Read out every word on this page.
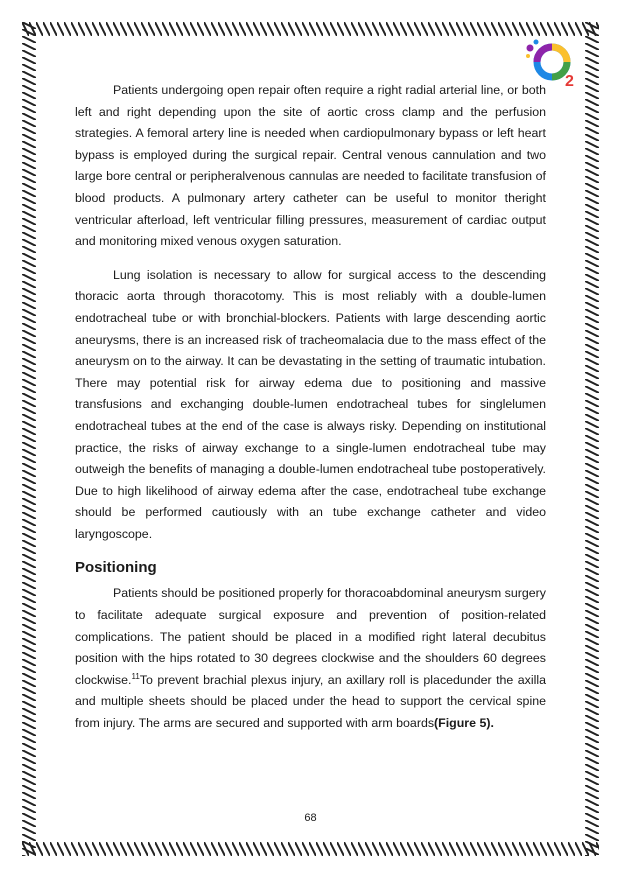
2

Patients undergoing open repair often require a right radial arterial line, or both left and right depending upon the site of aortic cross clamp and the perfusion strategies. A femoral artery line is needed when cardiopulmonary bypass or left heart bypass is employed during the surgical repair. Central venous cannulation and two large bore central or peripheralvenous cannulas are needed to facilitate transfusion of blood products. A pulmonary artery catheter can be useful to monitor theright ventricular afterload, left ventricular filling pressures, measurement of cardiac output and monitoring mixed venous oxygen saturation.

Lung isolation is necessary to allow for surgical access to the descending thoracic aorta through thoracotomy. This is most reliably with a double-lumen endotracheal tube or with bronchial-blockers. Patients with large descending aortic aneurysms, there is an increased risk of tracheomalacia due to the mass effect of the aneurysm on to the airway. It can be devastating in the setting of traumatic intubation. There may potential risk for airway edema due to positioning and massive transfusions and exchanging double-lumen endotracheal tubes for singlelumen endotracheal tubes at the end of the case is always risky. Depending on institutional practice, the risks of airway exchange to a single-lumen endotracheal tube may outweigh the benefits of managing a double-lumen endotracheal tube postoperatively. Due to high likelihood of airway edema after the case, endotracheal tube exchange should be performed cautiously with an tube exchange catheter and video laryngoscope.

Positioning

Patients should be positioned properly for thoracoabdominal aneurysm surgery to facilitate adequate surgical exposure and prevention of position-related complications. The patient should be placed in a modified right lateral decubitus position with the hips rotated to 30 degrees clockwise and the shoulders 60 degrees clockwise.$^{11}$To prevent brachial plexus injury, an axillary roll is placedunder the axilla and multiple sheets should be placed under the head to support the cervical spine from injury. The arms are secured and supported with arm boards(Figure 5).

68
